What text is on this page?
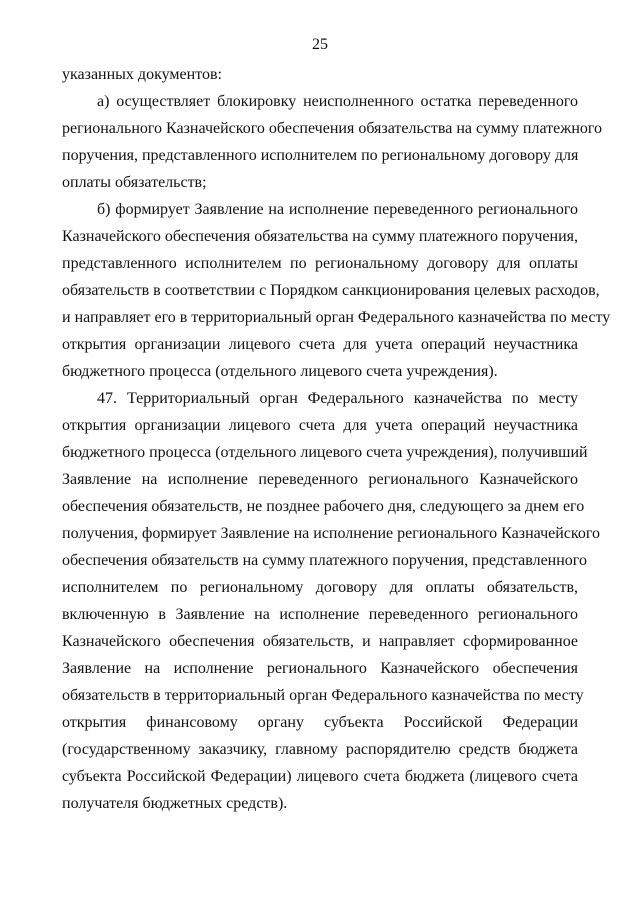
25
указанных документов:
а) осуществляет блокировку неисполненного остатка переведенного
регионального Казначейского обеспечения обязательства на сумму платежного
поручения, представленного исполнителем по региональному договору для
оплаты обязательств;
б) формирует Заявление на исполнение переведенного регионального
Казначейского обеспечения обязательства на сумму платежного поручения,
представленного исполнителем по региональному договору для оплаты
обязательств в соответствии с Порядком санкционирования целевых расходов,
и направляет его в территориальный орган Федерального казначейства по месту
открытия организации лицевого счета для учета операций неучастника
бюджетного процесса (отдельного лицевого счета учреждения).
47. Территориальный орган Федерального казначейства по месту
открытия организации лицевого счета для учета операций неучастника
бюджетного процесса (отдельного лицевого счета учреждения), получивший
Заявление на исполнение переведенного регионального Казначейского
обеспечения обязательств, не позднее рабочего дня, следующего за днем его
получения, формирует Заявление на исполнение регионального Казначейского
обеспечения обязательств на сумму платежного поручения, представленного
исполнителем по региональному договору для оплаты обязательств,
включенную в Заявление на исполнение переведенного регионального
Казначейского обеспечения обязательств, и направляет сформированное
Заявление на исполнение регионального Казначейского обеспечения
обязательств в территориальный орган Федерального казначейства по месту
открытия финансовому органу субъекта Российской Федерации
(государственному заказчику, главному распорядителю средств бюджета
субъекта Российской Федерации) лицевого счета бюджета (лицевого счета
получателя бюджетных средств).
